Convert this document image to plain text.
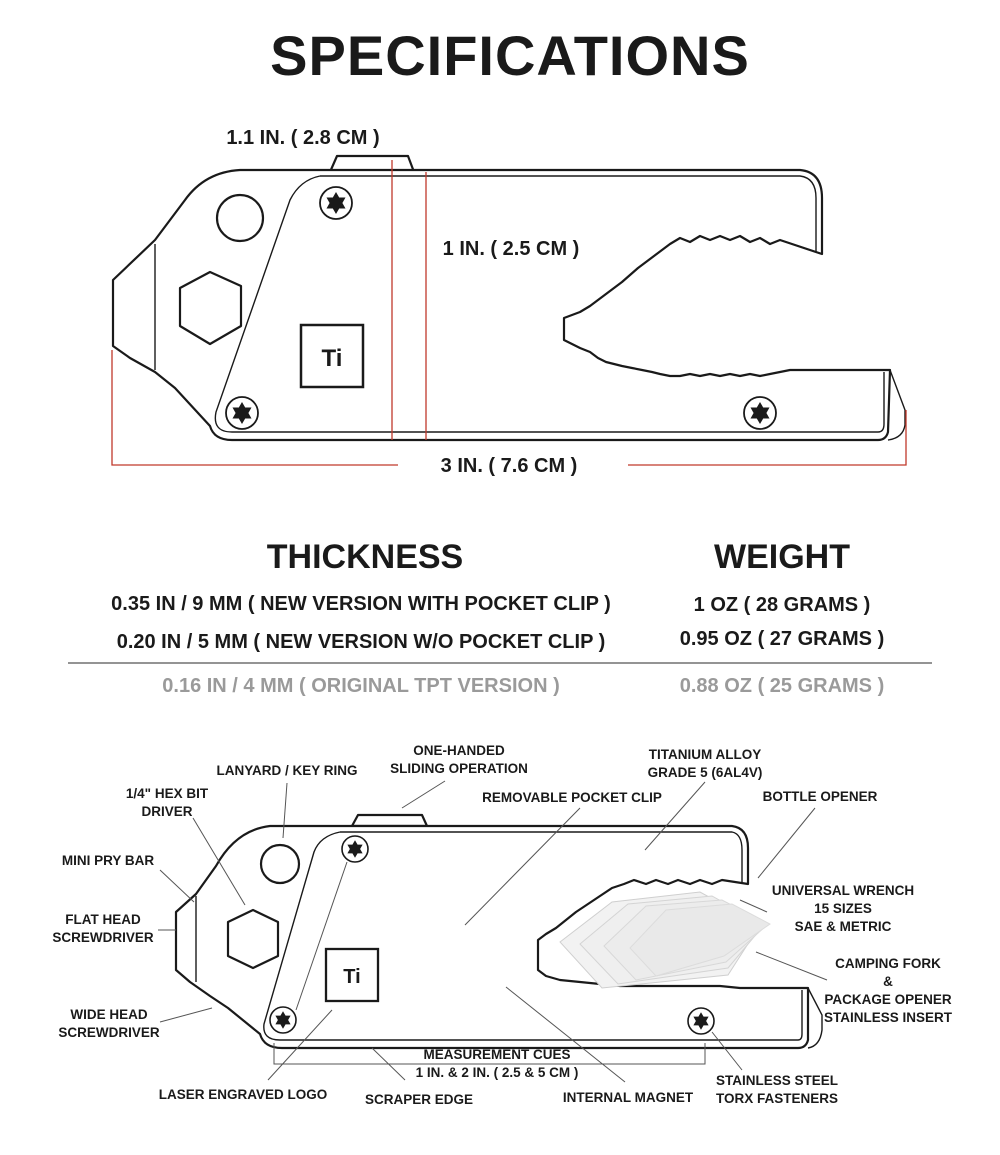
SPECIFICATIONS
Ti
1.1 IN. ( 2.8 CM )
1 IN. ( 2.5 CM )
3 IN. ( 7.6 CM )
THICKNESS	WEIGHT
0.35 IN / 9 MM ( NEW VERSION WITH POCKET CLIP )	1 OZ ( 28 GRAMS )
0.20 IN / 5 MM ( NEW VERSION W/O POCKET CLIP )	0.95 OZ ( 27 GRAMS )
0.16 IN / 4 MM ( ORIGINAL TPT VERSION )	0.88 OZ ( 25 GRAMS )
Ti
ONE-HANDED
SLIDING OPERATION
LANYARD / KEY RING
1/4" HEX BIT
DRIVER
TITANIUM ALLOY
GRADE 5 (6AL4V)
REMOVABLE POCKET CLIP	BOTTLE OPENER
MINI PRY BAR
FLAT HEAD
SCREWDRIVER
UNIVERSAL WRENCH
15 SIZES
SAE & METRIC
CAMPING FORK
&
PACKAGE OPENER
STAINLESS INSERT
WIDE HEAD
SCREWDRIVER
MEASUREMENT CUES
1 IN. & 2 IN. ( 2.5 & 5 CM )
LASER ENGRAVED LOGO	SCRAPER EDGE	INTERNAL MAGNET
STAINLESS STEEL
TORX FASTENERS
